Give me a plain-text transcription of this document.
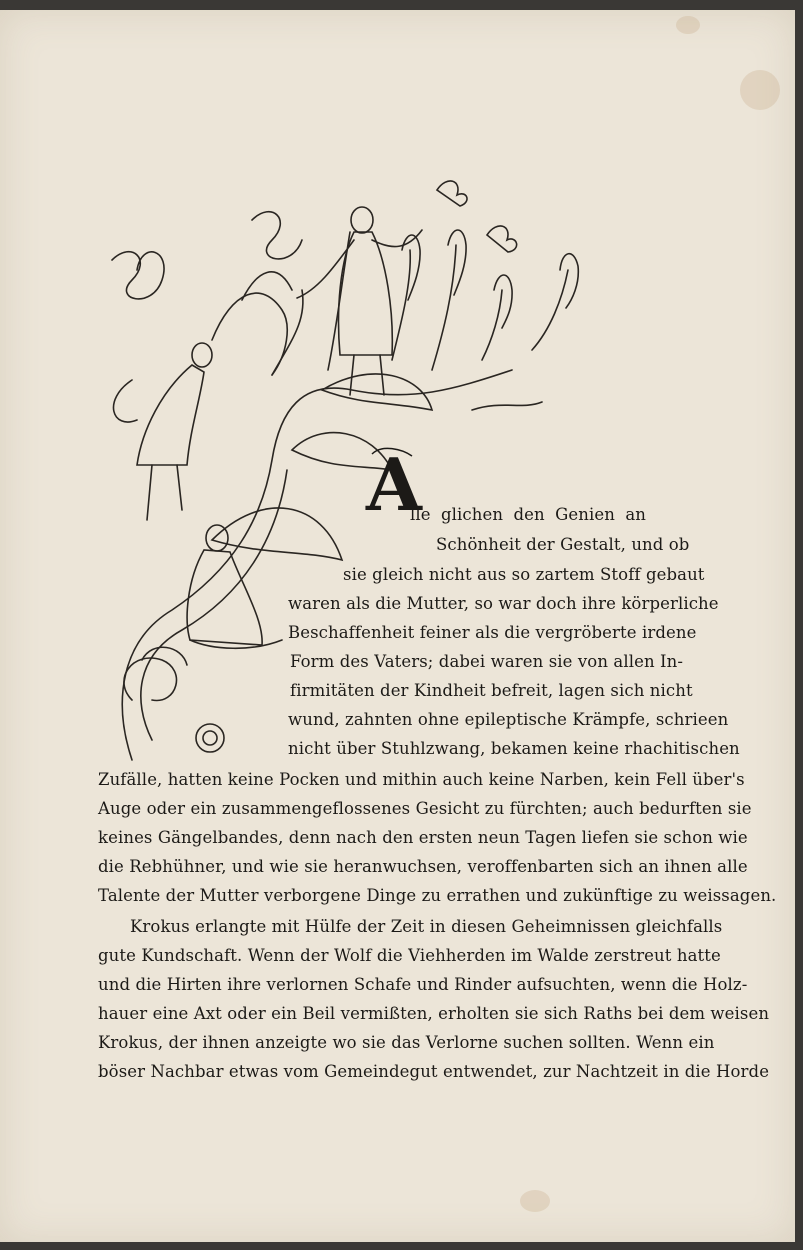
A
lle glichen den Genien an
Schönheit der Gestalt, und ob
sie gleich nicht aus so zartem Stoff gebaut
waren als die Mutter, so war doch ihre körperliche
Beschaffenheit feiner als die vergröberte irdene
Form des Vaters; dabei waren sie von allen In-
firmitäten der Kindheit befreit, lagen sich nicht
wund, zahnten ohne epileptische Krämpfe, schrieen
nicht über Stuhlzwang, bekamen keine rhachitischen
Zufälle, hatten keine Pocken und mithin auch keine Narben, kein Fell über's
Auge oder ein zusammengeflossenes Gesicht zu fürchten; auch bedurften sie
keines Gängelbandes, denn nach den ersten neun Tagen liefen sie schon wie
die Rebhühner, und wie sie heranwuchsen, veroffenbarten sich an ihnen alle
Talente der Mutter verborgene Dinge zu errathen und zukünftige zu weissagen.
Krokus erlangte mit Hülfe der Zeit in diesen Geheimnissen gleichfalls
gute Kundschaft. Wenn der Wolf die Viehherden im Walde zerstreut hatte
und die Hirten ihre verlornen Schafe und Rinder aufsuchten, wenn die Holz-
hauer eine Axt oder ein Beil vermißten, erholten sie sich Raths bei dem weisen
Krokus, der ihnen anzeigte wo sie das Verlorne suchen sollten. Wenn ein
böser Nachbar etwas vom Gemeindegut entwendet, zur Nachtzeit in die Horde
